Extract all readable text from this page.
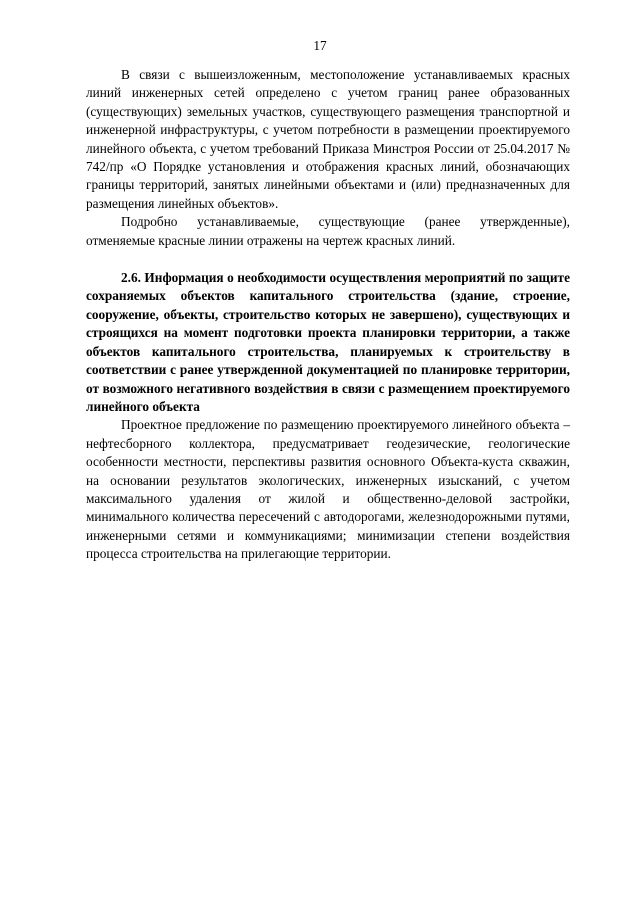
17

В связи с вышеизложенным, местоположение устанавливаемых красных линий инженерных сетей определено с учетом границ ранее образованных (существующих) земельных участков, существующего размещения транспортной и инженерной инфраструктуры, с учетом потребности в размещении проектируемого линейного объекта, с учетом требований Приказа Минстроя России от 25.04.2017 № 742/пр «О Порядке установления и отображения красных линий, обозначающих границы территорий, занятых линейными объектами и (или) предназначенных для размещения линейных объектов».

Подробно устанавливаемые, существующие (ранее утвержденные), отменяемые красные линии отражены на чертеж красных линий.

2.6. Информация о необходимости осуществления мероприятий по защите сохраняемых объектов капитального строительства (здание, строение, сооружение, объекты, строительство которых не завершено), существующих и строящихся на момент подготовки проекта планировки территории, а также объектов капитального строительства, планируемых к строительству в соответствии с ранее утвержденной документацией по планировке территории, от возможного негативного воздействия в связи с размещением проектируемого линейного объекта

Проектное предложение по размещению проектируемого линейного объекта – нефтесборного коллектора, предусматривает геодезические, геологические особенности местности, перспективы развития основного Объекта-куста скважин, на основании результатов экологических, инженерных изысканий, с учетом максимального удаления от жилой и общественно-деловой застройки, минимального количества пересечений с автодорогами, железнодорожными путями, инженерными сетями и коммуникациями; минимизации степени воздействия процесса строительства на прилегающие территории.
